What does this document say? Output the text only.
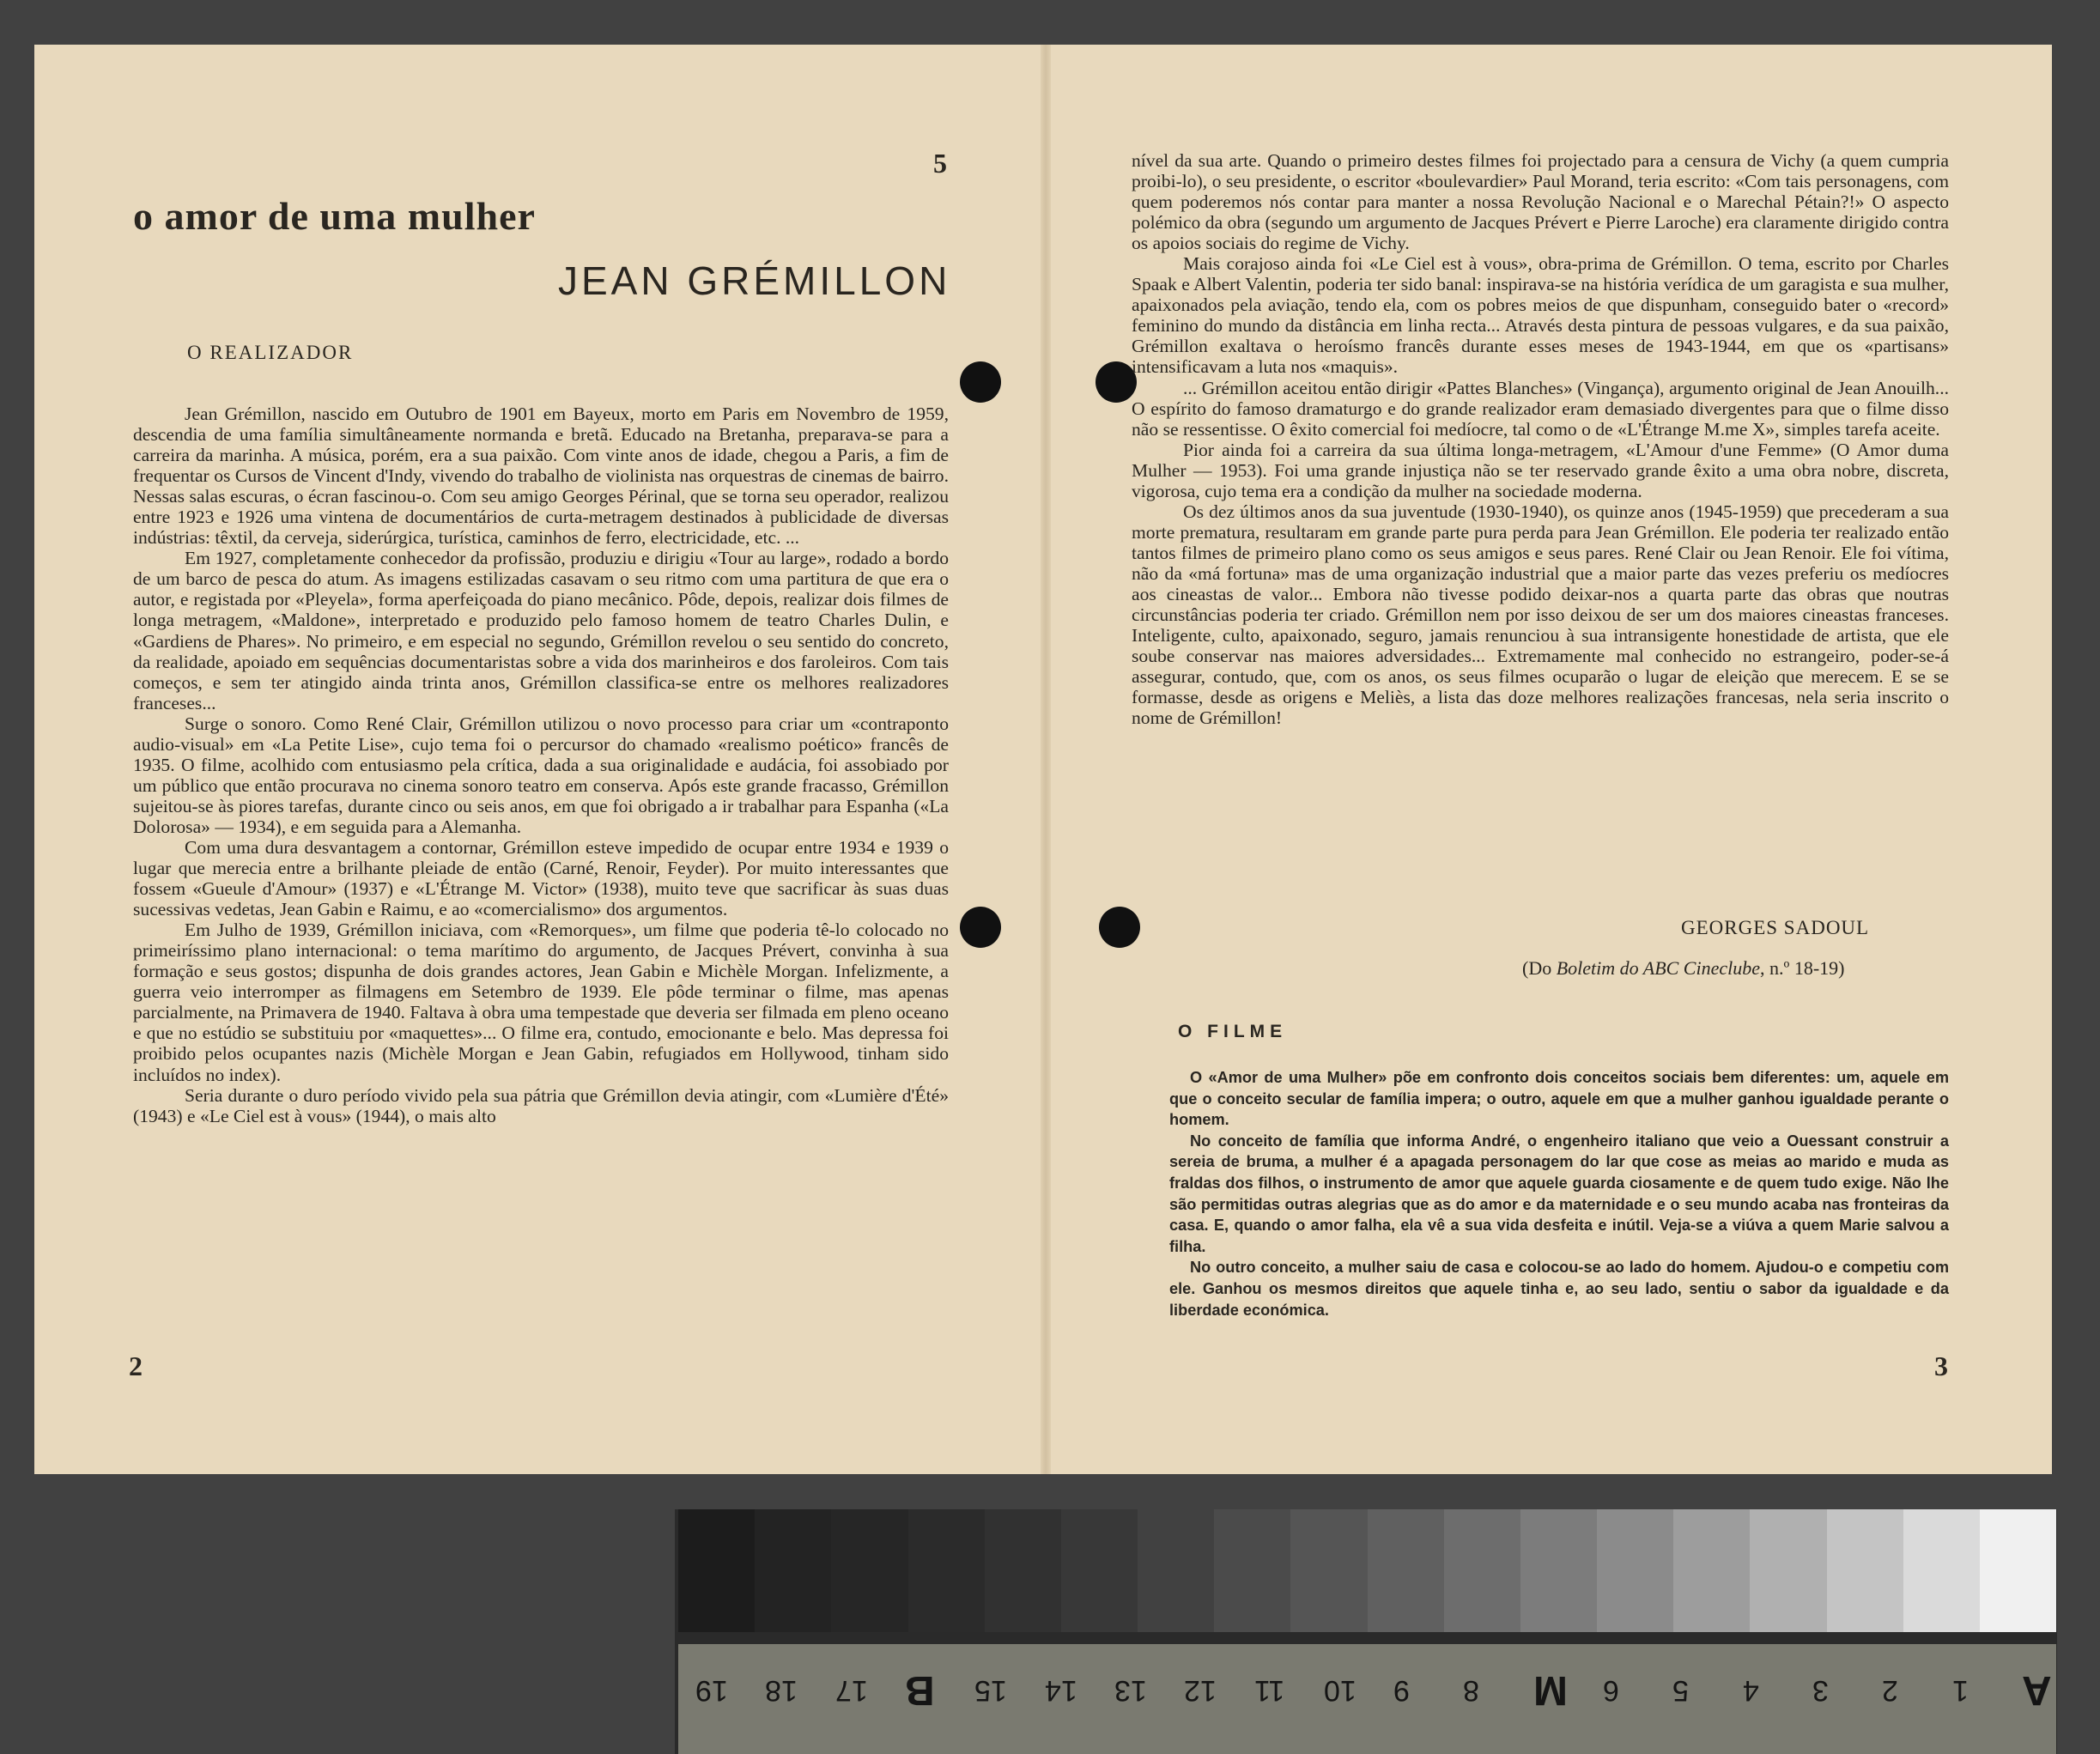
5
o amor de uma mulher
JEAN GRÉMILLON
O REALIZADOR

Jean Grémillon, nascido em Outubro de 1901 em Bayeux, morto em Paris em Novembro de 1959, descendia de uma família simultâneamente normanda e bretã. Educado na Bretanha, preparava-se para a carreira da marinha. A música, porém, era a sua paixão. Com vinte anos de idade, chegou a Paris, a fim de frequentar os Cursos de Vincent d'Indy, vivendo do trabalho de violinista nas orquestras de cinemas de bairro. Nessas salas escuras, o écran fascinou-o. Com seu amigo Georges Périnal, que se torna seu operador, realizou entre 1923 e 1926 uma vintena de documentários de curta-metragem destinados à publicidade de diversas indústrias: têxtil, da cerveja, siderúrgica, turística, caminhos de ferro, electricidade, etc. ...

Em 1927, completamente conhecedor da profissão, produziu e dirigiu «Tour au large», rodado a bordo de um barco de pesca do atum. As imagens estilizadas casavam o seu ritmo com uma partitura de que era o autor, e registada por «Pleyela», forma aperfeiçoada do piano mecânico. Pôde, depois, realizar dois filmes de longa metragem, «Maldone», interpretado e produzido pelo famoso homem de teatro Charles Dulin, e «Gardiens de Phares». No primeiro, e em especial no segundo, Grémillon revelou o seu sentido do concreto, da realidade, apoiado em sequências documentaristas sobre a vida dos marinheiros e dos faroleiros. Com tais começos, e sem ter atingido ainda trinta anos, Grémillon classifica-se entre os melhores realizadores franceses...

Surge o sonoro. Como René Clair, Grémillon utilizou o novo processo para criar um «contraponto audio-visual» em «La Petite Lise», cujo tema foi o percursor do chamado «realismo poético» francês de 1935. O filme, acolhido com entusiasmo pela crítica, dada a sua originalidade e audácia, foi assobiado por um público que então procurava no cinema sonoro teatro em conserva. Após este grande fracasso, Grémillon sujeitou-se às piores tarefas, durante cinco ou seis anos, em que foi obrigado a ir trabalhar para Espanha («La Dolorosa» — 1934), e em seguida para a Alemanha.

Com uma dura desvantagem a contornar, Grémillon esteve impedido de ocupar entre 1934 e 1939 o lugar que merecia entre a brilhante pleiade de então (Carné, Renoir, Feyder). Por muito interessantes que fossem «Gueule d'Amour» (1937) e «L'Étrange M. Victor» (1938), muito teve que sacrificar às suas duas sucessivas vedetas, Jean Gabin e Raimu, e ao «comercialismo» dos argumentos.

Em Julho de 1939, Grémillon iniciava, com «Remorques», um filme que poderia tê-lo colocado no primeiríssimo plano internacional: o tema marítimo do argumento, de Jacques Prévert, convinha à sua formação e seus gostos; dispunha de dois grandes actores, Jean Gabin e Michèle Morgan. Infelizmente, a guerra veio interromper as filmagens em Setembro de 1939. Ele pôde terminar o filme, mas apenas parcialmente, na Primavera de 1940. Faltava à obra uma tempestade que deveria ser filmada em pleno oceano e que no estúdio se substituiu por «maquettes»... O filme era, contudo, emocionante e belo. Mas depressa foi proibido pelos ocupantes nazis (Michèle Morgan e Jean Gabin, refugiados em Hollywood, tinham sido incluídos no index).

Seria durante o duro período vivido pela sua pátria que Grémillon devia atingir, com «Lumière d'Été» (1943) e «Le Ciel est à vous» (1944), o mais alto

2

nível da sua arte. Quando o primeiro destes filmes foi projectado para a censura de Vichy (a quem cumpria proibi-lo), o seu presidente, o escritor «boulevardier» Paul Morand, teria escrito: «Com tais personagens, com quem poderemos nós contar para manter a nossa Revolução Nacional e o Marechal Pétain?!» O aspecto polémico da obra (segundo um argumento de Jacques Prévert e Pierre Laroche) era claramente dirigido contra os apoios sociais do regime de Vichy.

Mais corajoso ainda foi «Le Ciel est à vous», obra-prima de Grémillon. O tema, escrito por Charles Spaak e Albert Valentin, poderia ter sido banal: inspirava-se na história verídica de um garagista e sua mulher, apaixonados pela aviação, tendo ela, com os pobres meios de que dispunham, conseguido bater o «record» feminino do mundo da distância em linha recta... Através desta pintura de pessoas vulgares, e da sua paixão, Grémillon exaltava o heroísmo francês durante esses meses de 1943-1944, em que os «partisans» intensificavam a luta nos «maquis».

... Grémillon aceitou então dirigir «Pattes Blanches» (Vingança), argumento original de Jean Anouilh... O espírito do famoso dramaturgo e do grande realizador eram demasiado divergentes para que o filme disso não se ressentisse. O êxito comercial foi medíocre, tal como o de «L'Étrange M.me X», simples tarefa aceite.

Pior ainda foi a carreira da sua última longa-metragem, «L'Amour d'une Femme» (O Amor duma Mulher — 1953). Foi uma grande injustiça não se ter reservado grande êxito a uma obra nobre, discreta, vigorosa, cujo tema era a condição da mulher na sociedade moderna.

Os dez últimos anos da sua juventude (1930-1940), os quinze anos (1945-1959) que precederam a sua morte prematura, resultaram em grande parte pura perda para Jean Grémillon. Ele poderia ter realizado então tantos filmes de primeiro plano como os seus amigos e seus pares. René Clair ou Jean Renoir. Ele foi vítima, não da «má fortuna» mas de uma organização industrial que a maior parte das vezes preferiu os medíocres aos cineastas de valor... Embora não tivesse podido deixar-nos a quarta parte das obras que noutras circunstâncias poderia ter criado. Grémillon nem por isso deixou de ser um dos maiores cineastas franceses. Inteligente, culto, apaixonado, seguro, jamais renunciou à sua intransigente honestidade de artista, que ele soube conservar nas maiores adversidades... Extremamente mal conhecido no estrangeiro, poder-se-á assegurar, contudo, que, com os anos, os seus filmes ocuparão o lugar de eleição que merecem. E se se formasse, desde as origens e Meliès, a lista das doze melhores realizações francesas, nela seria inscrito o nome de Grémillon!

GEORGES SADOUL
(Do Boletim do ABC Cineclube, n.º 18-19)
O FILME

O «Amor de uma Mulher» põe em confronto dois conceitos sociais bem diferentes: um, aquele em que o conceito secular de família impera; o outro, aquele em que a mulher ganhou igualdade perante o homem.

No conceito de família que informa André, o engenheiro italiano que veio a Ouessant construir a sereia de bruma, a mulher é a apagada personagem do lar que cose as meias ao marido e muda as fraldas dos filhos, o instrumento de amor que aquele guarda ciosamente e de quem tudo exige. Não lhe são permitidas outras alegrias que as do amor e da maternidade e o seu mundo acaba nas fronteiras da casa. E, quando o amor falha, ela vê a sua vida desfeita e inútil. Veja-se a viúva a quem Marie salvou a filha.

No outro conceito, a mulher saiu de casa e colocou-se ao lado do homem. Ajudou-o e competiu com ele. Ganhou os mesmos direitos que aquele tinha e, ao seu lado, sentiu o sabor da igualdade e da liberdade económica.

3
19 18 17 B 15 14 13 12 11 10 9 8 M 6 5 4 3 2 1 A
